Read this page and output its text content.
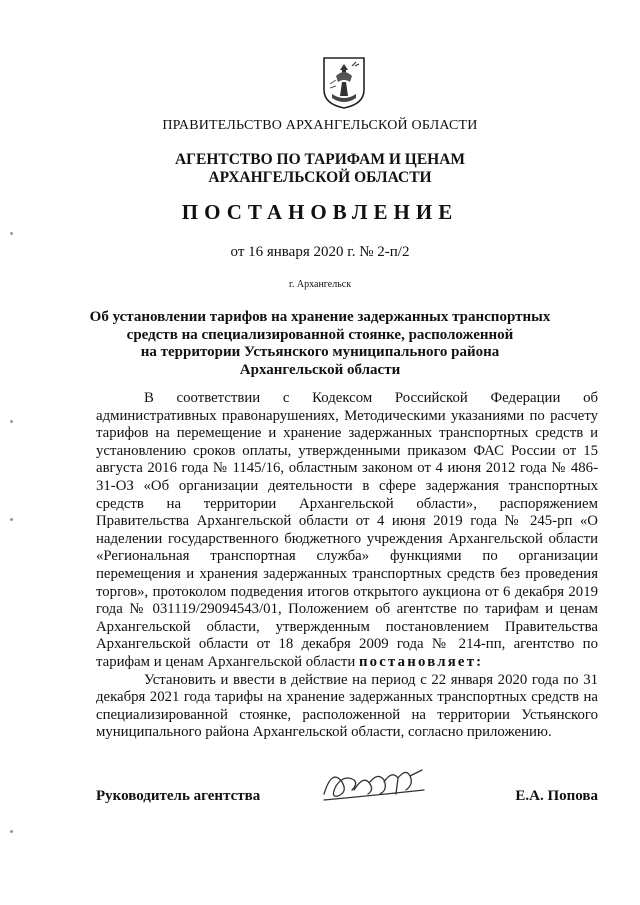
ПРАВИТЕЛЬСТВО АРХАНГЕЛЬСКОЙ ОБЛАСТИ
АГЕНТСТВО ПО ТАРИФАМ И ЦЕНАМ
АРХАНГЕЛЬСКОЙ ОБЛАСТИ
ПОСТАНОВЛЕНИЕ
от 16 января 2020 г. № 2-п/2
г. Архангельск
Об установлении тарифов на хранение задержанных транспортных
средств на специализированной стоянке, расположенной
на территории Устьянского муниципального района
Архангельской области

В соответствии с Кодексом Российской Федерации об административных правонарушениях, Методическими указаниями по расчету тарифов на перемещение и хранение задержанных транспортных средств и установлению сроков оплаты, утвержденными приказом ФАС России от 15 августа 2016 года № 1145/16, областным законом от 4 июня 2012 года № 486-31-ОЗ «Об организации деятельности в сфере задержания транспортных средств на территории Архангельской области», распоряжением Правительства Архангельской области от 4 июня 2019 года № 245-рп «О наделении государственного бюджетного учреждения Архангельской области «Региональная транспортная служба» функциями по организации перемещения и хранения задержанных транспортных средств без проведения торгов», протоколом подведения итогов открытого аукциона от 6 декабря 2019 года № 031119/29094543/01, Положением об агентстве по тарифам и ценам Архангельской области, утвержденным постановлением Правительства Архангельской области от 18 декабря 2009 года № 214-пп, агентство по тарифам и ценам Архангельской области постановляет:

Установить и ввести в действие на период с 22 января 2020 года по 31 декабря 2021 года тарифы на хранение задержанных транспортных средств на специализированной стоянке, расположенной на территории Устьянского муниципального района Архангельской области, согласно приложению.

Руководитель агентства	Е.А. Попова
